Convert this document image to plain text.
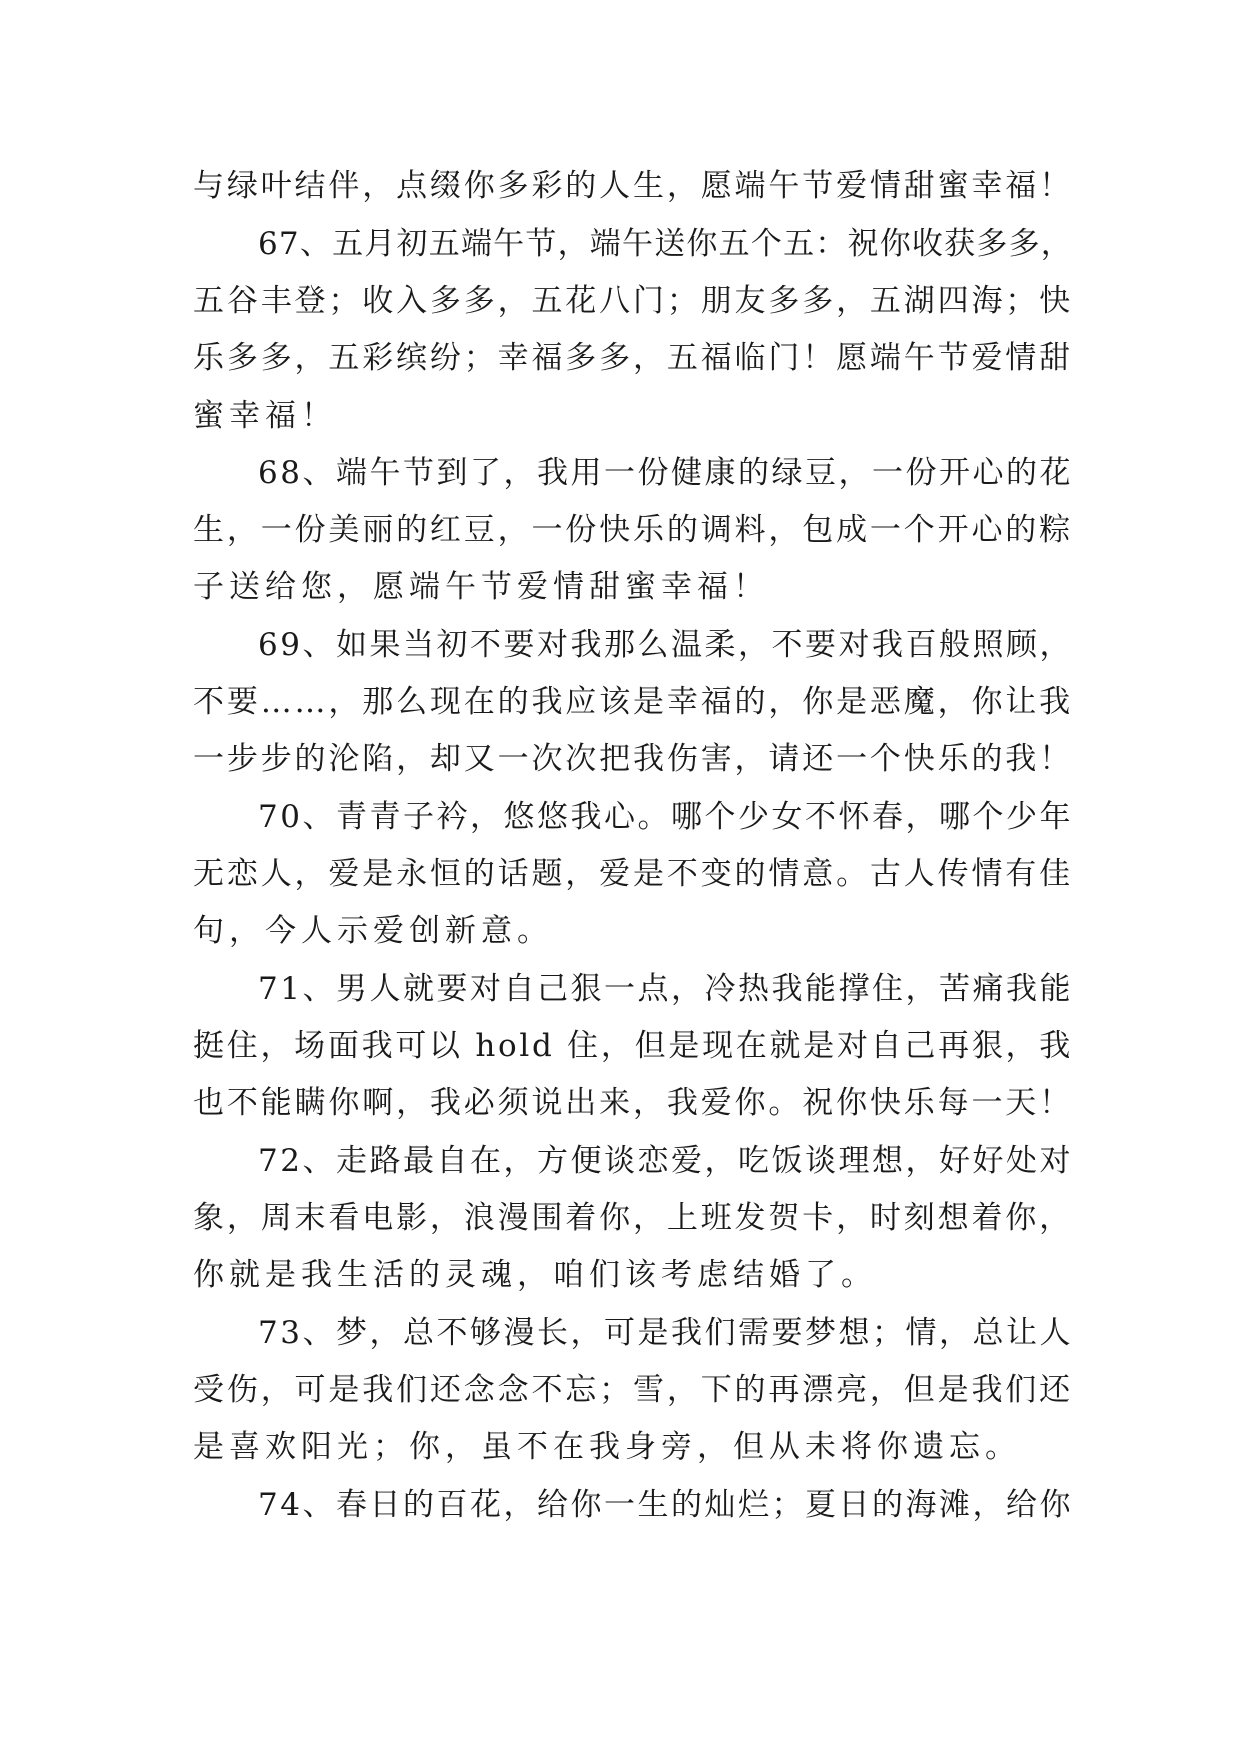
与绿叶结伴，点缀你多彩的人生，愿端午节爱情甜蜜幸福！
67、五月初五端午节，端午送你五个五：祝你收获多多，
五谷丰登；收入多多，五花八门；朋友多多，五湖四海；快
乐多多，五彩缤纷；幸福多多，五福临门！愿端午节爱情甜
蜜幸福！
68、端午节到了，我用一份健康的绿豆，一份开心的花
生，一份美丽的红豆，一份快乐的调料，包成一个开心的粽
子送给您，愿端午节爱情甜蜜幸福！
69、如果当初不要对我那么温柔，不要对我百般照顾，
不要……，那么现在的我应该是幸福的，你是恶魔，你让我
一步步的沦陷，却又一次次把我伤害，请还一个快乐的我！
70、青青子衿，悠悠我心。哪个少女不怀春，哪个少年
无恋人，爱是永恒的话题，爱是不变的情意。古人传情有佳
句，今人示爱创新意。
71、男人就要对自己狠一点，冷热我能撑住，苦痛我能
挺住，场面我可以 hold 住，但是现在就是对自己再狠，我
也不能瞒你啊，我必须说出来，我爱你。祝你快乐每一天！
72、走路最自在，方便谈恋爱，吃饭谈理想，好好处对
象，周末看电影，浪漫围着你，上班发贺卡，时刻想着你，
你就是我生活的灵魂，咱们该考虑结婚了。
73、梦，总不够漫长，可是我们需要梦想；情，总让人
受伤，可是我们还念念不忘；雪，下的再漂亮，但是我们还
是喜欢阳光；你，虽不在我身旁，但从未将你遗忘。
74、春日的百花，给你一生的灿烂；夏日的海滩，给你
